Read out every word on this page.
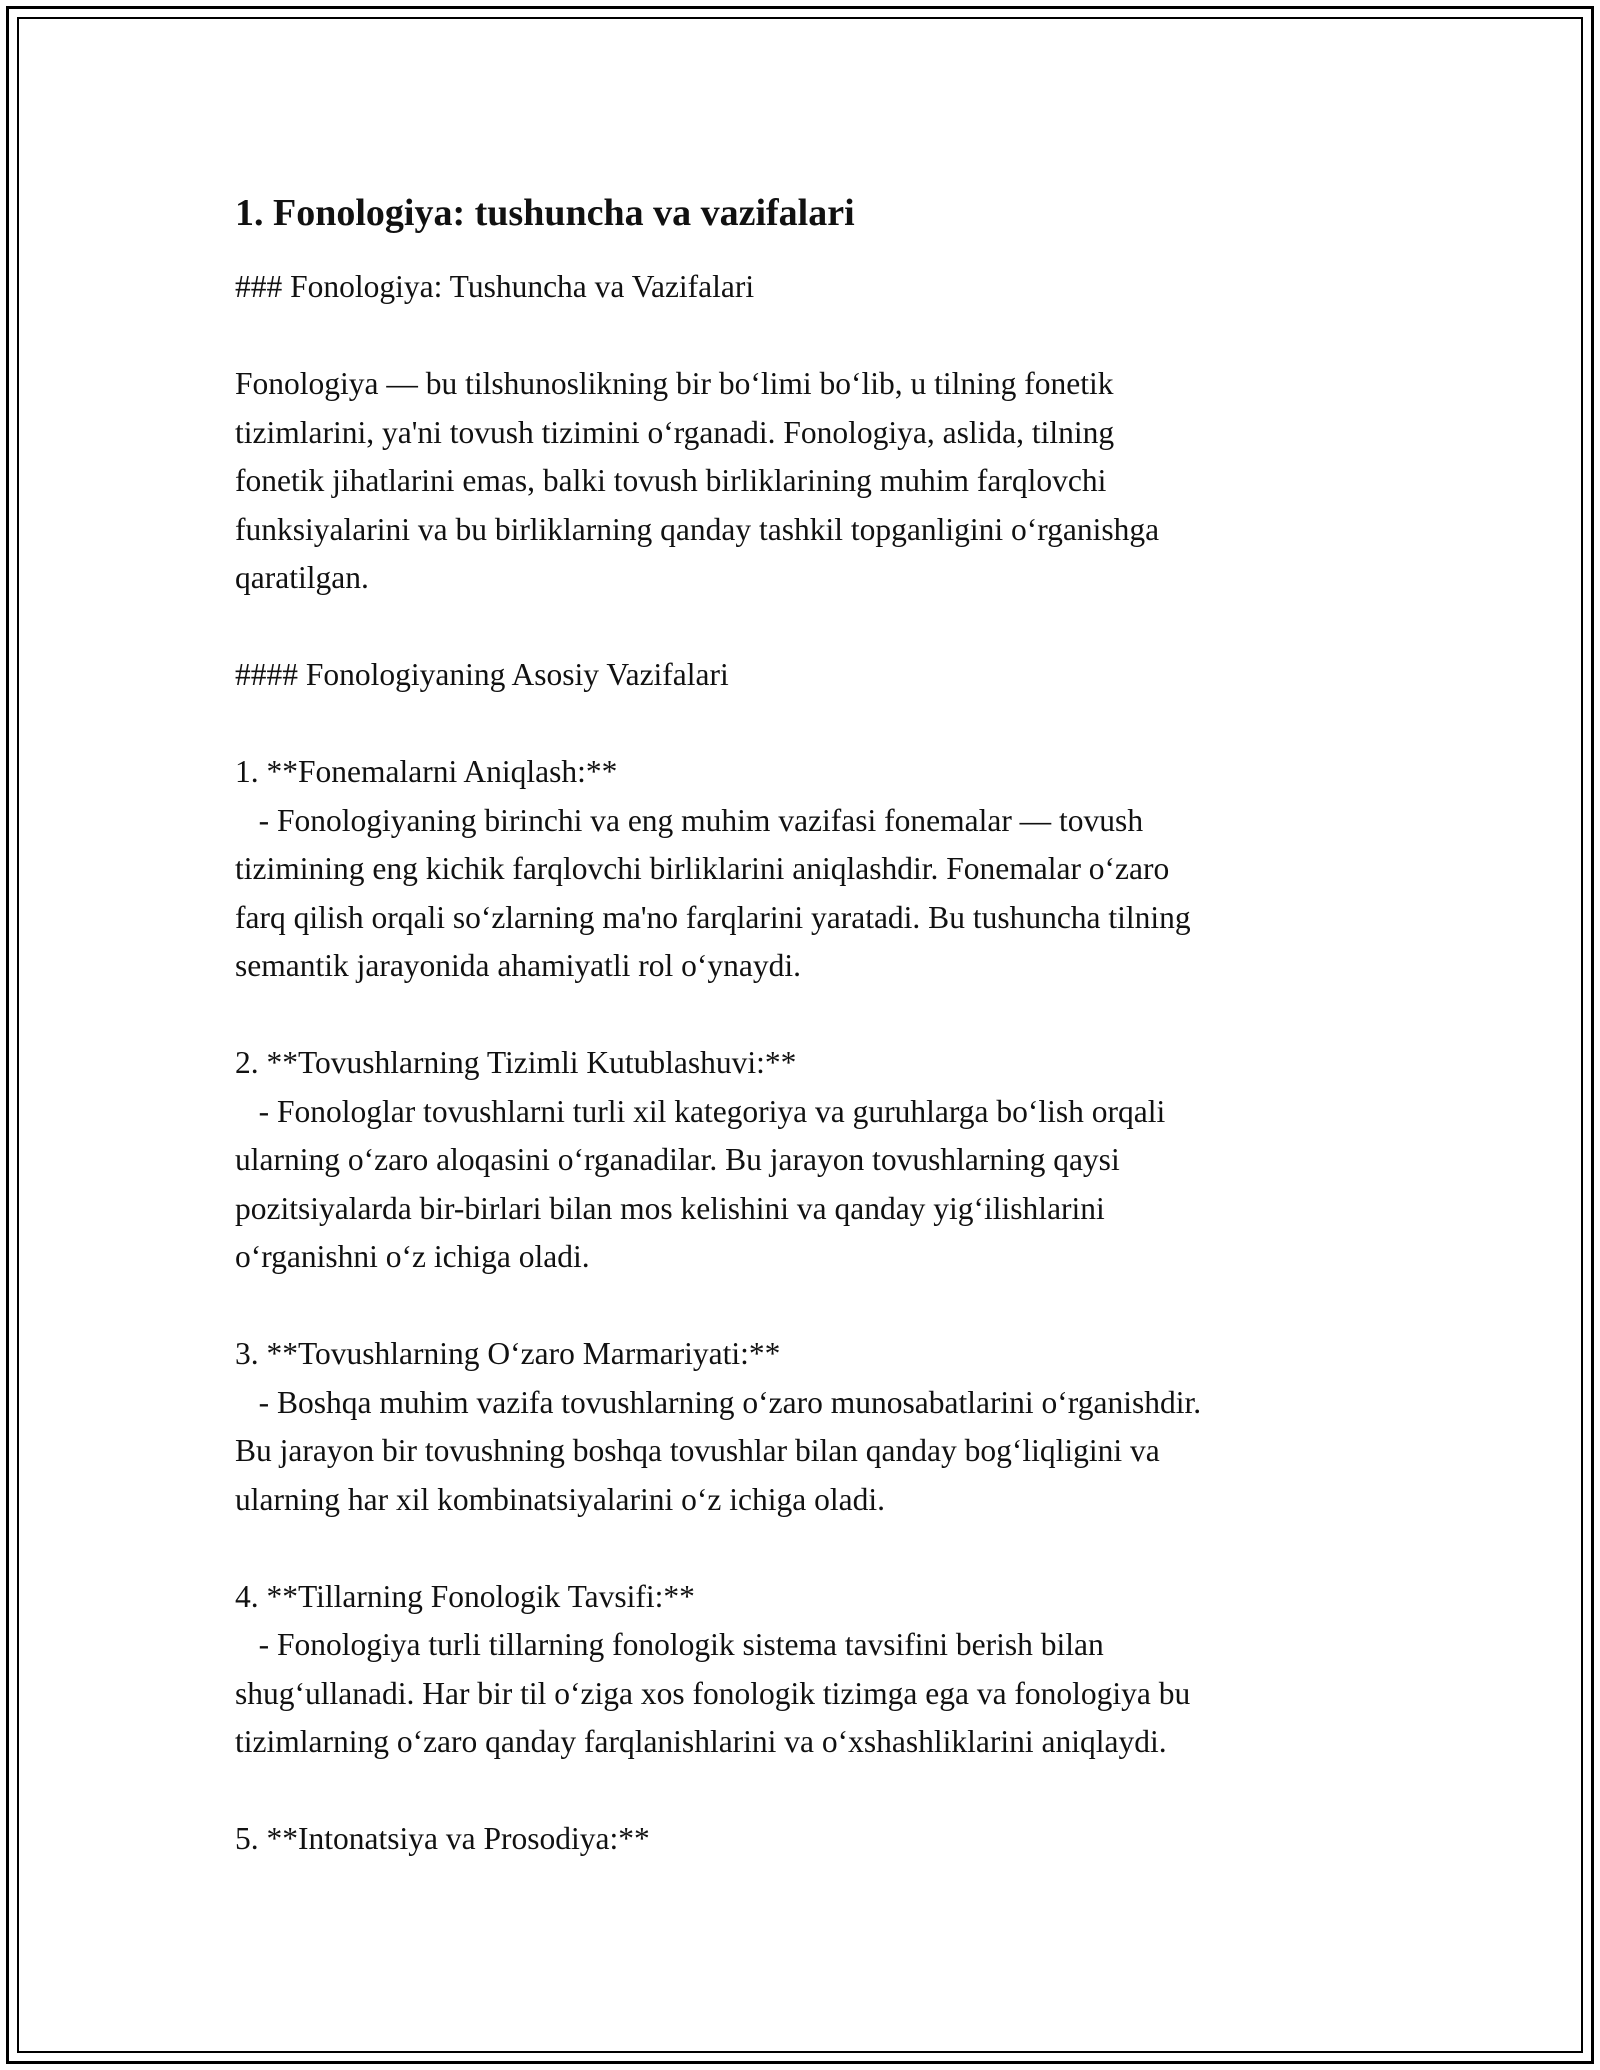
1. Fonologiya: tushuncha va vazifalari

### Fonologiya: Tushuncha va Vazifalari

Fonologiya — bu tilshunoslikning bir boʻlimi boʻlib, u tilning fonetik
tizimlarini, ya'ni tovush tizimini oʻrganadi. Fonologiya, aslida, tilning
fonetik jihatlarini emas, balki tovush birliklarining muhim farqlovchi
funksiyalarini va bu birliklarning qanday tashkil topganligini oʻrganishga
qaratilgan.

#### Fonologiyaning Asosiy Vazifalari

1. **Fonemalarni Aniqlash:**

- Fonologiyaning birinchi va eng muhim vazifasi fonemalar — tovush
tizimining eng kichik farqlovchi birliklarini aniqlashdir. Fonemalar oʻzaro
farq qilish orqali soʻzlarning ma'no farqlarini yaratadi. Bu tushuncha tilning
semantik jarayonida ahamiyatli rol oʻynaydi.

2. **Tovushlarning Tizimli Kutublashuvi:**

- Fonologlar tovushlarni turli xil kategoriya va guruhlarga boʻlish orqali
ularning oʻzaro aloqasini oʻrganadilar. Bu jarayon tovushlarning qaysi
pozitsiyalarda bir-birlari bilan mos kelishini va qanday yigʻilishlarini
oʻrganishni oʻz ichiga oladi.

3. **Tovushlarning Oʻzaro Marmariyati:**

- Boshqa muhim vazifa tovushlarning oʻzaro munosabatlarini oʻrganishdir.
Bu jarayon bir tovushning boshqa tovushlar bilan qanday bogʻliqligini va
ularning har xil kombinatsiyalarini oʻz ichiga oladi.

4. **Tillarning Fonologik Tavsifi:**

- Fonologiya turli tillarning fonologik sistema tavsifini berish bilan
shugʻullanadi. Har bir til oʻziga xos fonologik tizimga ega va fonologiya bu
tizimlarning oʻzaro qanday farqlanishlarini va oʻxshashliklarini aniqlaydi.

5. **Intonatsiya va Prosodiya:**
